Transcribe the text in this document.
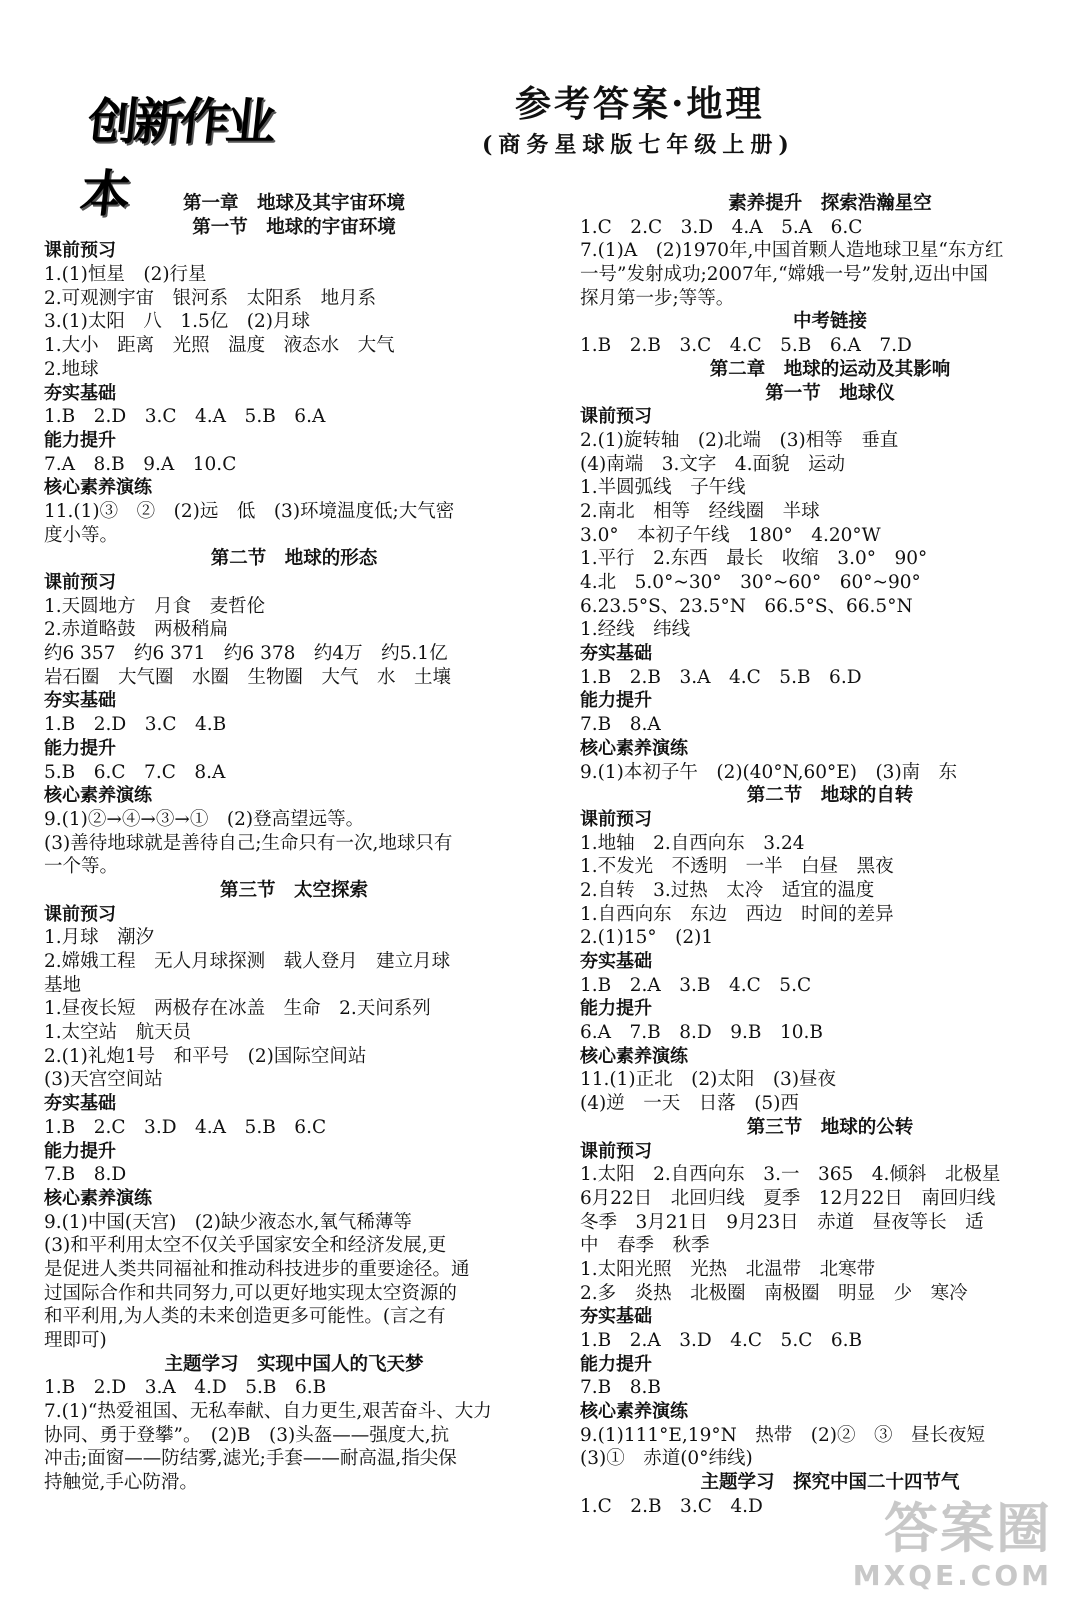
创新作业本
参考答案·地理
(商务星球版七年级上册)
第一章　地球及其宇宙环境
第一节　地球的宇宙环境
课前预习
1.(1)恒星　(2)行星
2.可观测宇宙　银河系　太阳系　地月系
3.(1)太阳　八　1.5亿　(2)月球
1.大小　距离　光照　温度　液态水　大气
2.地球
夯实基础
1.B　2.D　3.C　4.A　5.B　6.A
能力提升
7.A　8.B　9.A　10.C
核心素养演练
11.(1)③　②　(2)远　低　(3)环境温度低;大气密
度小等。
第二节　地球的形态
课前预习
1.天圆地方　月食　麦哲伦
2.赤道略鼓　两极稍扁
约6 357　约6 371　约6 378　约4万　约5.1亿
岩石圈　大气圈　水圈　生物圈　大气　水　土壤
夯实基础
1.B　2.D　3.C　4.B
能力提升
5.B　6.C　7.C　8.A
核心素养演练
9.(1)②→④→③→①　(2)登高望远等。
(3)善待地球就是善待自己;生命只有一次,地球只有
一个等。
第三节　太空探索
课前预习
1.月球　潮汐
2.嫦娥工程　无人月球探测　载人登月　建立月球
基地
1.昼夜长短　两极存在冰盖　生命　2.天问系列
1.太空站　航天员
2.(1)礼炮1号　和平号　(2)国际空间站
(3)天宫空间站
夯实基础
1.B　2.C　3.D　4.A　5.B　6.C
能力提升
7.B　8.D
核心素养演练
9.(1)中国(天宫)　(2)缺少液态水,氧气稀薄等
(3)和平利用太空不仅关乎国家安全和经济发展,更
是促进人类共同福祉和推动科技进步的重要途径。通
过国际合作和共同努力,可以更好地实现太空资源的
和平利用,为人类的未来创造更多可能性。(言之有
理即可)
主题学习　实现中国人的飞天梦
1.B　2.D　3.A　4.D　5.B　6.B
7.(1)“热爱祖国、无私奉献、自力更生,艰苦奋斗、大力
协同、勇于登攀”。　(2)B　(3)头盔——强度大,抗
冲击;面窗——防结雾,滤光;手套——耐高温,指尖保
持触觉,手心防滑。
素养提升　探索浩瀚星空
1.C　2.C　3.D　4.A　5.A　6.C
7.(1)A　(2)1970年,中国首颗人造地球卫星“东方红
一号”发射成功;2007年,“嫦娥一号”发射,迈出中国
探月第一步;等等。
中考链接
1.B　2.B　3.C　4.C　5.B　6.A　7.D
第二章　地球的运动及其影响
第一节　地球仪
课前预习
2.(1)旋转轴　(2)北端　(3)相等　垂直
(4)南端　3.文字　4.面貌　运动
1.半圆弧线　子午线
2.南北　相等　经线圈　半球
3.0°　本初子午线　180°　4.20°W
1.平行　2.东西　最长　收缩　3.0°　90°
4.北　5.0°~30°　30°~60°　60°~90°
6.23.5°S、23.5°N　66.5°S、66.5°N
1.经线　纬线
夯实基础
1.B　2.B　3.A　4.C　5.B　6.D
能力提升
7.B　8.A
核心素养演练
9.(1)本初子午　(2)(40°N,60°E)　(3)南　东
第二节　地球的自转
课前预习
1.地轴　2.自西向东　3.24
1.不发光　不透明　一半　白昼　黑夜
2.自转　3.过热　太冷　适宜的温度
1.自西向东　东边　西边　时间的差异
2.(1)15°　(2)1
夯实基础
1.B　2.A　3.B　4.C　5.C
能力提升
6.A　7.B　8.D　9.B　10.B
核心素养演练
11.(1)正北　(2)太阳　(3)昼夜
(4)逆　一天　日落　(5)西
第三节　地球的公转
课前预习
1.太阳　2.自西向东　3.一　365　4.倾斜　北极星
6月22日　北回归线　夏季　12月22日　南回归线
冬季　3月21日　9月23日　赤道　昼夜等长　适
中　春季　秋季
1.太阳光照　光热　北温带　北寒带
2.多　炎热　北极圈　南极圈　明显　少　寒冷
夯实基础
1.B　2.A　3.D　4.C　5.C　6.B
能力提升
7.B　8.B
核心素养演练
9.(1)111°E,19°N　热带　(2)②　③　昼长夜短
(3)①　赤道(0°纬线)
主题学习　探究中国二十四节气
1.C　2.B　3.C　4.D	答案圈
MXQE.COM
